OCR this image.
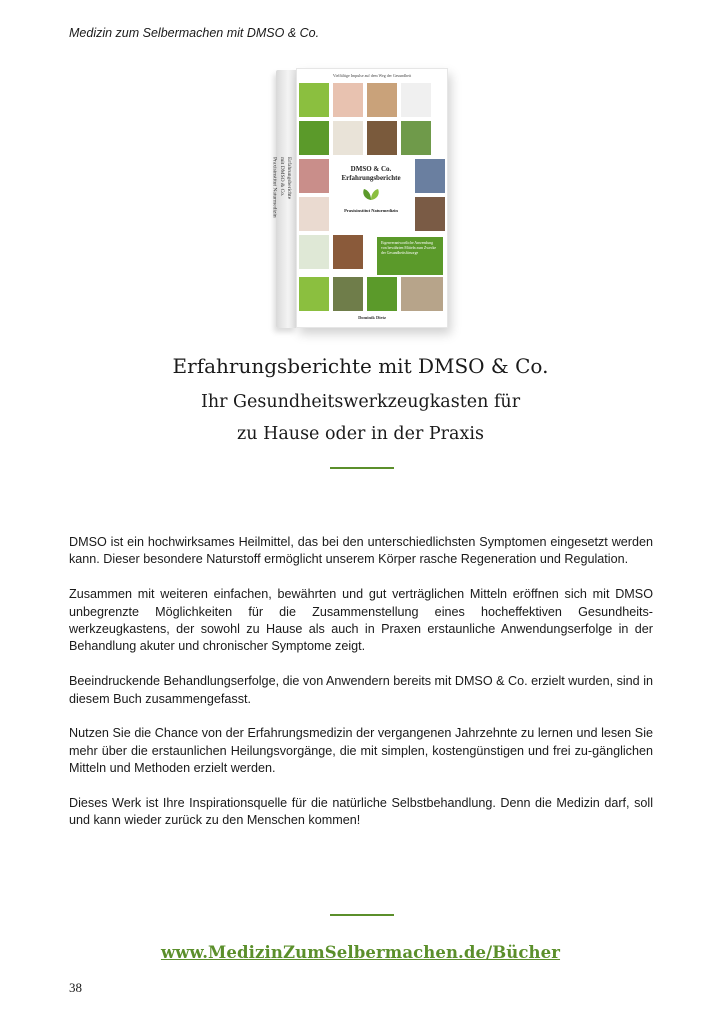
Medizin zum Selbermachen mit DMSO & Co.
Erfahrungsberichte
mit DMSO & Co.
Praxisinstitut Naturmedizin
Vielfältige Impulse auf dem Weg der Gesundheit
DMSO & Co.
Erfahrungsberichte
Praxisinstitut Naturmedizin
Eigenverantwortliche Anwendung von bewährten Mitteln zum Zwecke der Gesundheitsfürsorge
Dominik Dietz
Erfahrungsberichte mit DMSO & Co.
Ihr Gesundheitswerkzeugkasten für
zu Hause oder in der Praxis

DMSO ist ein hochwirksames Heilmittel, das bei den unterschiedlichsten Symptomen eingesetzt werden kann. Dieser besondere Naturstoff ermöglicht unserem Körper rasche Regeneration und Regulation.

Zusammen mit weiteren einfachen, bewährten und gut verträglichen Mitteln eröffnen sich mit DMSO unbegrenzte Möglichkeiten für die Zusammenstellung eines hocheffektiven Gesundheits-werkzeugkastens, der sowohl zu Hause als auch in Praxen erstaunliche Anwendungserfolge in der Behandlung akuter und chronischer Symptome zeigt.

Beeindruckende Behandlungserfolge, die von Anwendern bereits mit DMSO & Co. erzielt wurden, sind in diesem Buch zusammengefasst.

Nutzen Sie die Chance von der Erfahrungsmedizin der vergangenen Jahrzehnte zu lernen und lesen Sie mehr über die erstaunlichen Heilungsvorgänge, die mit simplen, kostengünstigen und frei zu-gänglichen Mitteln und Methoden erzielt werden.

Dieses Werk ist Ihre Inspirationsquelle für die natürliche Selbstbehandlung. Denn die Medizin darf, soll und kann wieder zurück zu den Menschen kommen!

www.MedizinZumSelbermachen.de/Bücher
38
